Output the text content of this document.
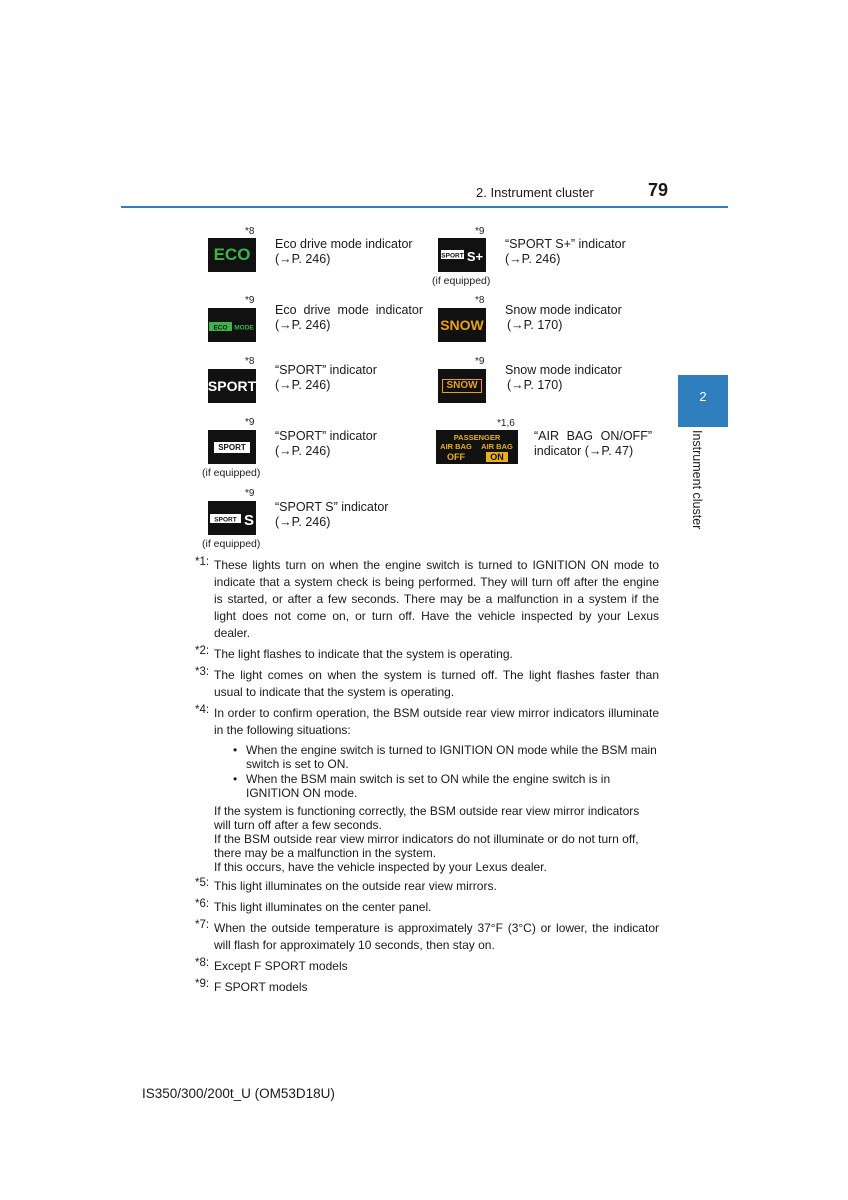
2. Instrument cluster	79
2
Instrument cluster
*8
ECO
Eco drive mode indicator
(→P. 246)
*9
SPORT S+
(if equipped)
“SPORT S+” indicator
(→P. 246)
*9
ECO MODE
Eco drive mode indicator
(→P. 246)
*8
SNOW
Snow mode indicator
(→P. 170)
*8
SPORT
“SPORT” indicator
(→P. 246)
*9
SNOW
Snow mode indicator
(→P. 170)
*9
SPORT
(if equipped)
“SPORT” indicator
(→P. 246)
*1,6
PASSENGER
AIR BAG AIR BAG
OFF	ON
“AIR BAG ON/OFF”
indicator (→P. 47)
*9
SPORT S
(if equipped)
“SPORT S” indicator
(→P. 246)
*1: These lights turn on when the engine switch is turned to IGNITION ON mode to indicate that a system check is being performed. They will turn off after the engine is started, or after a few seconds. There may be a malfunction in a system if the light does not come on, or turn off. Have the vehicle inspected by your Lexus dealer.
*2: The light flashes to indicate that the system is operating.
*3: The light comes on when the system is turned off. The light flashes faster than usual to indicate that the system is operating.
*4: In order to confirm operation, the BSM outside rear view mirror indicators illuminate in the following situations:
• When the engine switch is turned to IGNITION ON mode while the BSM main switch is set to ON.
• When the BSM main switch is set to ON while the engine switch is in IGNITION ON mode.
If the system is functioning correctly, the BSM outside rear view mirror indicators will turn off after a few seconds.
If the BSM outside rear view mirror indicators do not illuminate or do not turn off, there may be a malfunction in the system.
If this occurs, have the vehicle inspected by your Lexus dealer.
*5: This light illuminates on the outside rear view mirrors.
*6: This light illuminates on the center panel.
*7: When the outside temperature is approximately 37°F (3°C) or lower, the indicator will flash for approximately 10 seconds, then stay on.
*8: Except F SPORT models
*9: F SPORT models
IS350/300/200t_U (OM53D18U)
